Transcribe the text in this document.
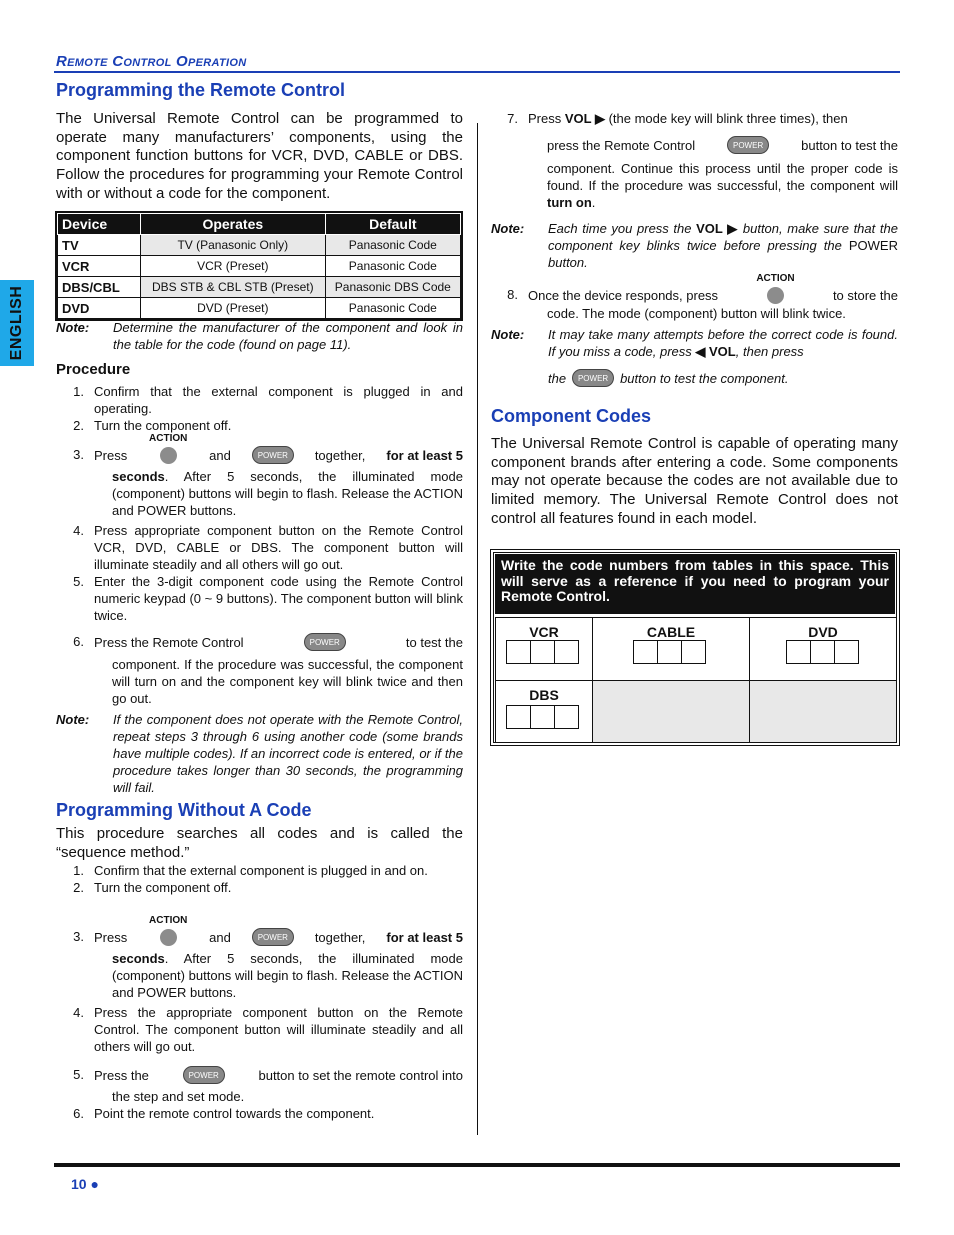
Remote Control Operation
ENGLISH
Programming the Remote Control
The Universal Remote Control can be programmed to operate many manufacturers’ components, using the component function buttons for VCR, DVD, CABLE or DBS. Follow the procedures for programming your Remote Control with or without a code for the component.
Device	Operates	Default
TV	TV (Panasonic Only)	Panasonic Code
VCR	VCR (Preset)	Panasonic Code
DBS/CBL	DBS STB & CBL STB (Preset)	Panasonic DBS Code
DVD	DVD (Preset)	Panasonic Code
Note:	Determine the manufacturer of the component and look in the table for the code (found on page 11).
Procedure
1. Confirm that the external component is plugged in and operating.
2. Turn the component off.
3. Press
ACTION
and	POWER	together, for at least 5
seconds. After 5 seconds, the illuminated mode (component) buttons will begin to flash. Release the ACTION and POWER buttons.
4. Press appropriate component button on the Remote Control VCR, DVD, CABLE or DBS. The component button will illuminate steadily and all others will go out.
5. Enter the 3-digit component code using the Remote Control numeric keypad (0 ~ 9 buttons). The component button will blink twice.
6. Press the Remote Control	POWER	to test the
component. If the procedure was successful, the component will turn on and the component key will blink twice and then go out.
Note:	If the component does not operate with the Remote Control, repeat steps 3 through 6 using another code (some brands have multiple codes). If an incorrect code is entered, or if the procedure takes longer than 30 seconds, the programming will fail.
Programming Without A Code
This procedure searches all codes and is called the “sequence method.”
1. Confirm that the external component is plugged in and on.
2. Turn the component off.
3. Press
ACTION
and	POWER	together, for at least 5
seconds. After 5 seconds, the illuminated mode (component) buttons will begin to flash. Release the ACTION and POWER buttons.
4. Press the appropriate component button on the Remote Control. The component button will illuminate steadily and all others will go out.
5. Press the	POWER	button to set the remote control into
the step and set mode.
6. Point the remote control towards the component.
7. Press VOL ▶ (the mode key will blink three times), then
press the Remote Control	POWER	button to test the
component. Continue this process until the proper code is found. If the procedure was successful, the component will turn on.
Note:	Each time you press the VOL ▶ button, make sure that the component key blinks twice before pressing the POWER button.
8. Once the device responds, press
ACTION
to store the
code. The mode (component) button will blink twice.
Note:	It may take many attempts before the correct code is found. If you miss a code, press ◀ VOL, then press
the	POWER button to test the component.
Component Codes
The Universal Remote Control is capable of operating many component brands after entering a code. Some components may not operate because the codes are not available due to limited memory. The Universal Remote Control does not control all features found in each model.
Write the code numbers from tables in this space. This will serve as a reference if you need to program your Remote Control.
VCR	CABLE	DVD
DBS
10 ●
